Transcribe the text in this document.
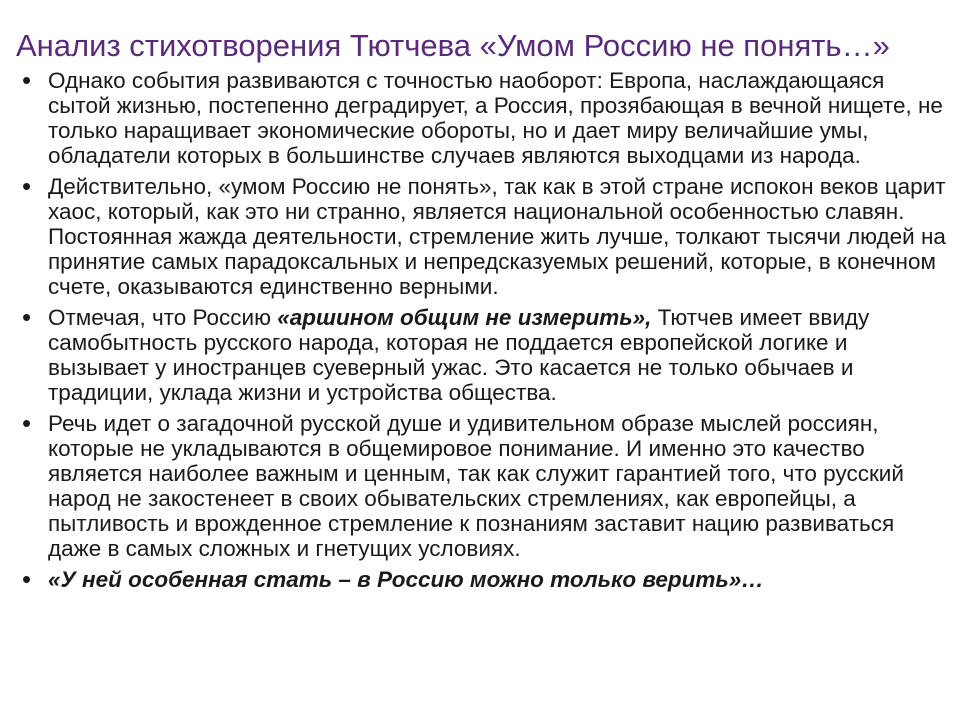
Анализ стихотворения Тютчева «Умом Россию не понять…»
• Однако события развиваются с точностью наоборот: Европа, наслаждающаяся сытой жизнью, постепенно деградирует, а Россия, прозябающая в вечной нищете, не только наращивает экономические обороты, но и дает миру величайшие умы, обладатели которых в большинстве случаев являются выходцами из народа.
• Действительно, «умом Россию не понять», так как в этой стране испокон веков царит хаос, который, как это ни странно, является национальной особенностью славян. Постоянная жажда деятельности, стремление жить лучше, толкают тысячи людей на принятие самых парадоксальных и непредсказуемых решений, которые, в конечном счете, оказываются единственно верными.
• Отмечая, что Россию «аршином общим не измерить», Тютчев имеет ввиду самобытность русского народа, которая не поддается европейской логике и вызывает у иностранцев суеверный ужас. Это касается не только обычаев и традиции, уклада жизни и устройства общества.
• Речь идет о загадочной русской душе и удивительном образе мыслей россиян, которые не укладываются в общемировое понимание. И именно это качество является наиболее важным и ценным, так как служит гарантией того, что русский народ не закостенеет в своих обывательских стремлениях, как европейцы, а пытливость и врожденное стремление к познаниям заставит нацию развиваться даже в самых сложных и гнетущих условиях.
• «У ней особенная стать – в Россию можно только верить»…
